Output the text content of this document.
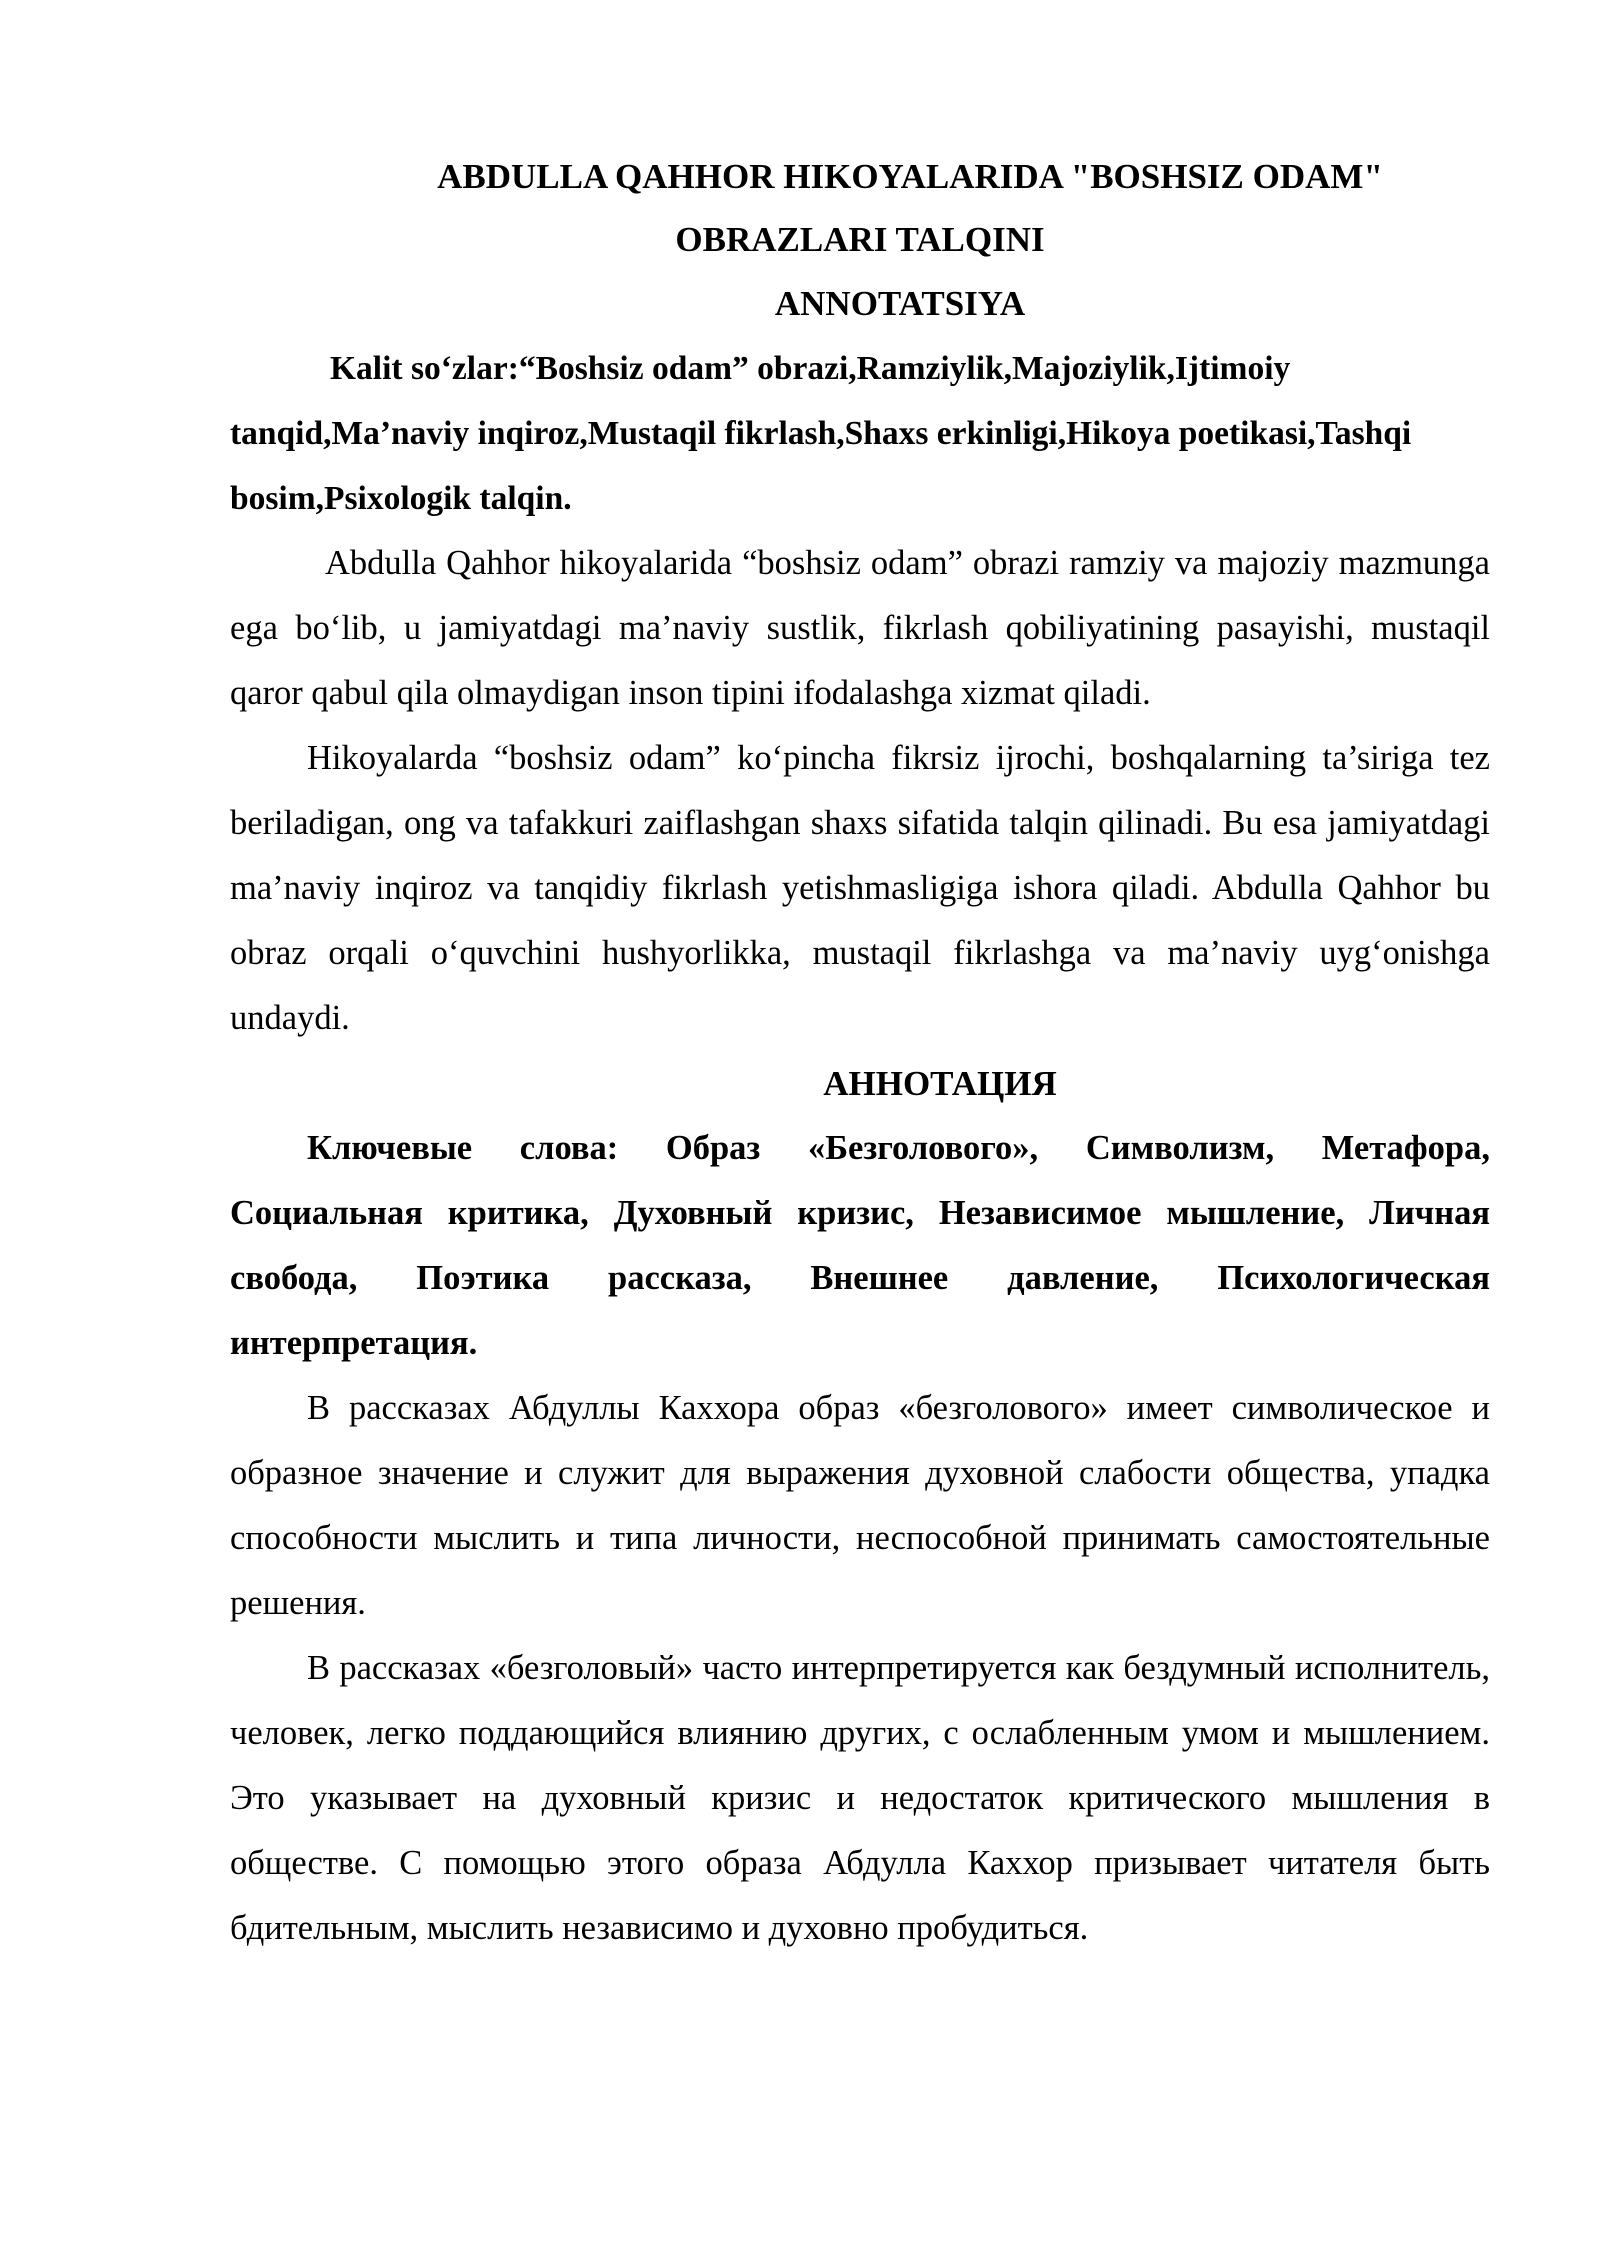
ABDULLA QAHHOR HIKOYALARIDA "BOSHSIZ ODAM"

OBRAZLARI TALQINI

ANNOTATSIYA

Kalit so‘zlar:“Boshsiz odam” obrazi,Ramziylik,Majoziylik,Ijtimoiy tanqid,Ma’naviy inqiroz,Mustaqil fikrlash,Shaxs erkinligi,Hikoya poetikasi,Tashqi bosim,Psixologik talqin.

Abdulla Qahhor hikoyalarida “boshsiz odam” obrazi ramziy va majoziy mazmunga ega bo‘lib, u jamiyatdagi ma’naviy sustlik, fikrlash qobiliyatining pasayishi, mustaqil qaror qabul qila olmaydigan inson tipini ifodalashga xizmat qiladi.

Hikoyalarda “boshsiz odam” ko‘pincha fikrsiz ijrochi, boshqalarning ta’siriga tez beriladigan, ong va tafakkuri zaiflashgan shaxs sifatida talqin qilinadi. Bu esa jamiyatdagi ma’naviy inqiroz va tanqidiy fikrlash yetishmasligiga ishora qiladi. Abdulla Qahhor bu obraz orqali o‘quvchini hushyorlikka, mustaqil fikrlashga va ma’naviy uyg‘onishga undaydi.

АННОТАЦИЯ

Ключевые слова: Образ «Безголового», Символизм, Метафора, Социальная критика, Духовный кризис, Независимое мышление, Личная свобода, Поэтика рассказа, Внешнее давление, Психологическая интерпретация.

В рассказах Абдуллы Каххора образ «безголового» имеет символическое и образное значение и служит для выражения духовной слабости общества, упадка способности мыслить и типа личности, неспособной принимать самостоятельные решения.

В рассказах «безголовый» часто интерпретируется как бездумный исполнитель, человек, легко поддающийся влиянию других, с ослабленным умом и мышлением. Это указывает на духовный кризис и недостаток критического мышления в обществе. С помощью этого образа Абдулла Каххор призывает читателя быть бдительным, мыслить независимо и духовно пробудиться.
